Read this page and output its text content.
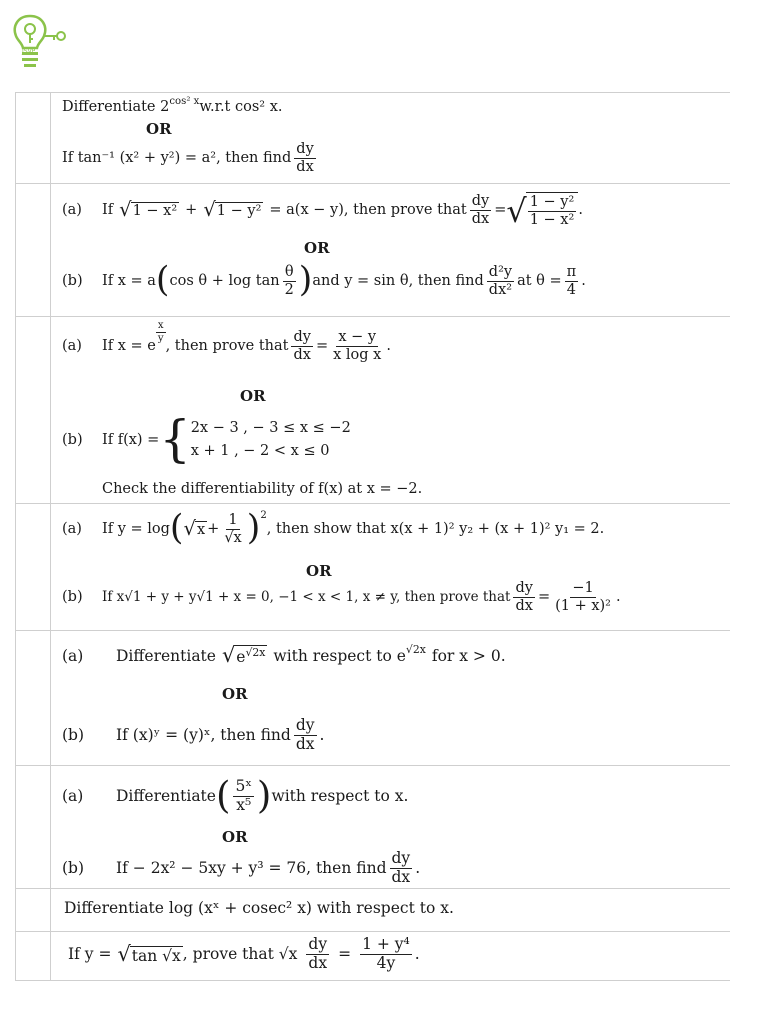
JSVP
Differentiate $2^{cos^2 x}$ w.r.t cos² x.
OR
If tan⁻¹ (x² + y²) = a², then find $\frac{dy}{dx}$
(a)	If √ 1 − x² + √ 1 − y² = a(x − y), then prove that $\frac{dy}{dx}$ = √ $\frac{\text{1 − y²}}{\text{1 − x²}}$ .
OR
(b)	If x = a ( $\cos \theta + \log \tan \frac{\theta}{2}$ ) and y = sin θ, then find $\frac{\text{d²y}}{\text{dx²}}$ at $\theta = \frac{\pi}{4}$ .
(a)	If x = e
$\frac{x}{y}$
, then prove that $\frac{dy}{dx} = \frac{x - y}{\text{x log x}}$ .
OR
(b)	If f(x) = { 2x − 3 , − 3 ≤ x ≤ −2
x + 1 , − 2 < x ≤ 0
Check the differentiability of f(x) at x = −2.
(a)	If y = log ( √ $x + \frac{1}{√x} )^2$
, then show that x(x + 1)² y₂ + (x + 1)² y₁ = 2.
OR
(b)	If x√1 + y + y√1 + x = 0, −1 < x < 1, x ≠ y, then prove that $\frac{dy}{dx} = \frac{-1}{\text{(1 + x)²}}$ .
(a)	Differentiate √ $e^{√2x}$ with respect to $e^{√2x}$ for x > 0.
OR
(b)	If (x)ʸ = (y)ˣ, then find $\frac{dy}{dx}$ .
(a)	Differentiate ( $\frac{\text{5ˣ}}{\text{x⁵}}$ ) with respect to x.
OR
(b)	If − 2x² − 5xy + y³ = 76, then find $\frac{dy}{dx}$ .
Differentiate log (xˣ + cosec² x) with respect to x.
If y = √ tan √x , prove that $√x \frac{dy}{dx} = \frac{\text{1 + y⁴}}{4y}$ .
